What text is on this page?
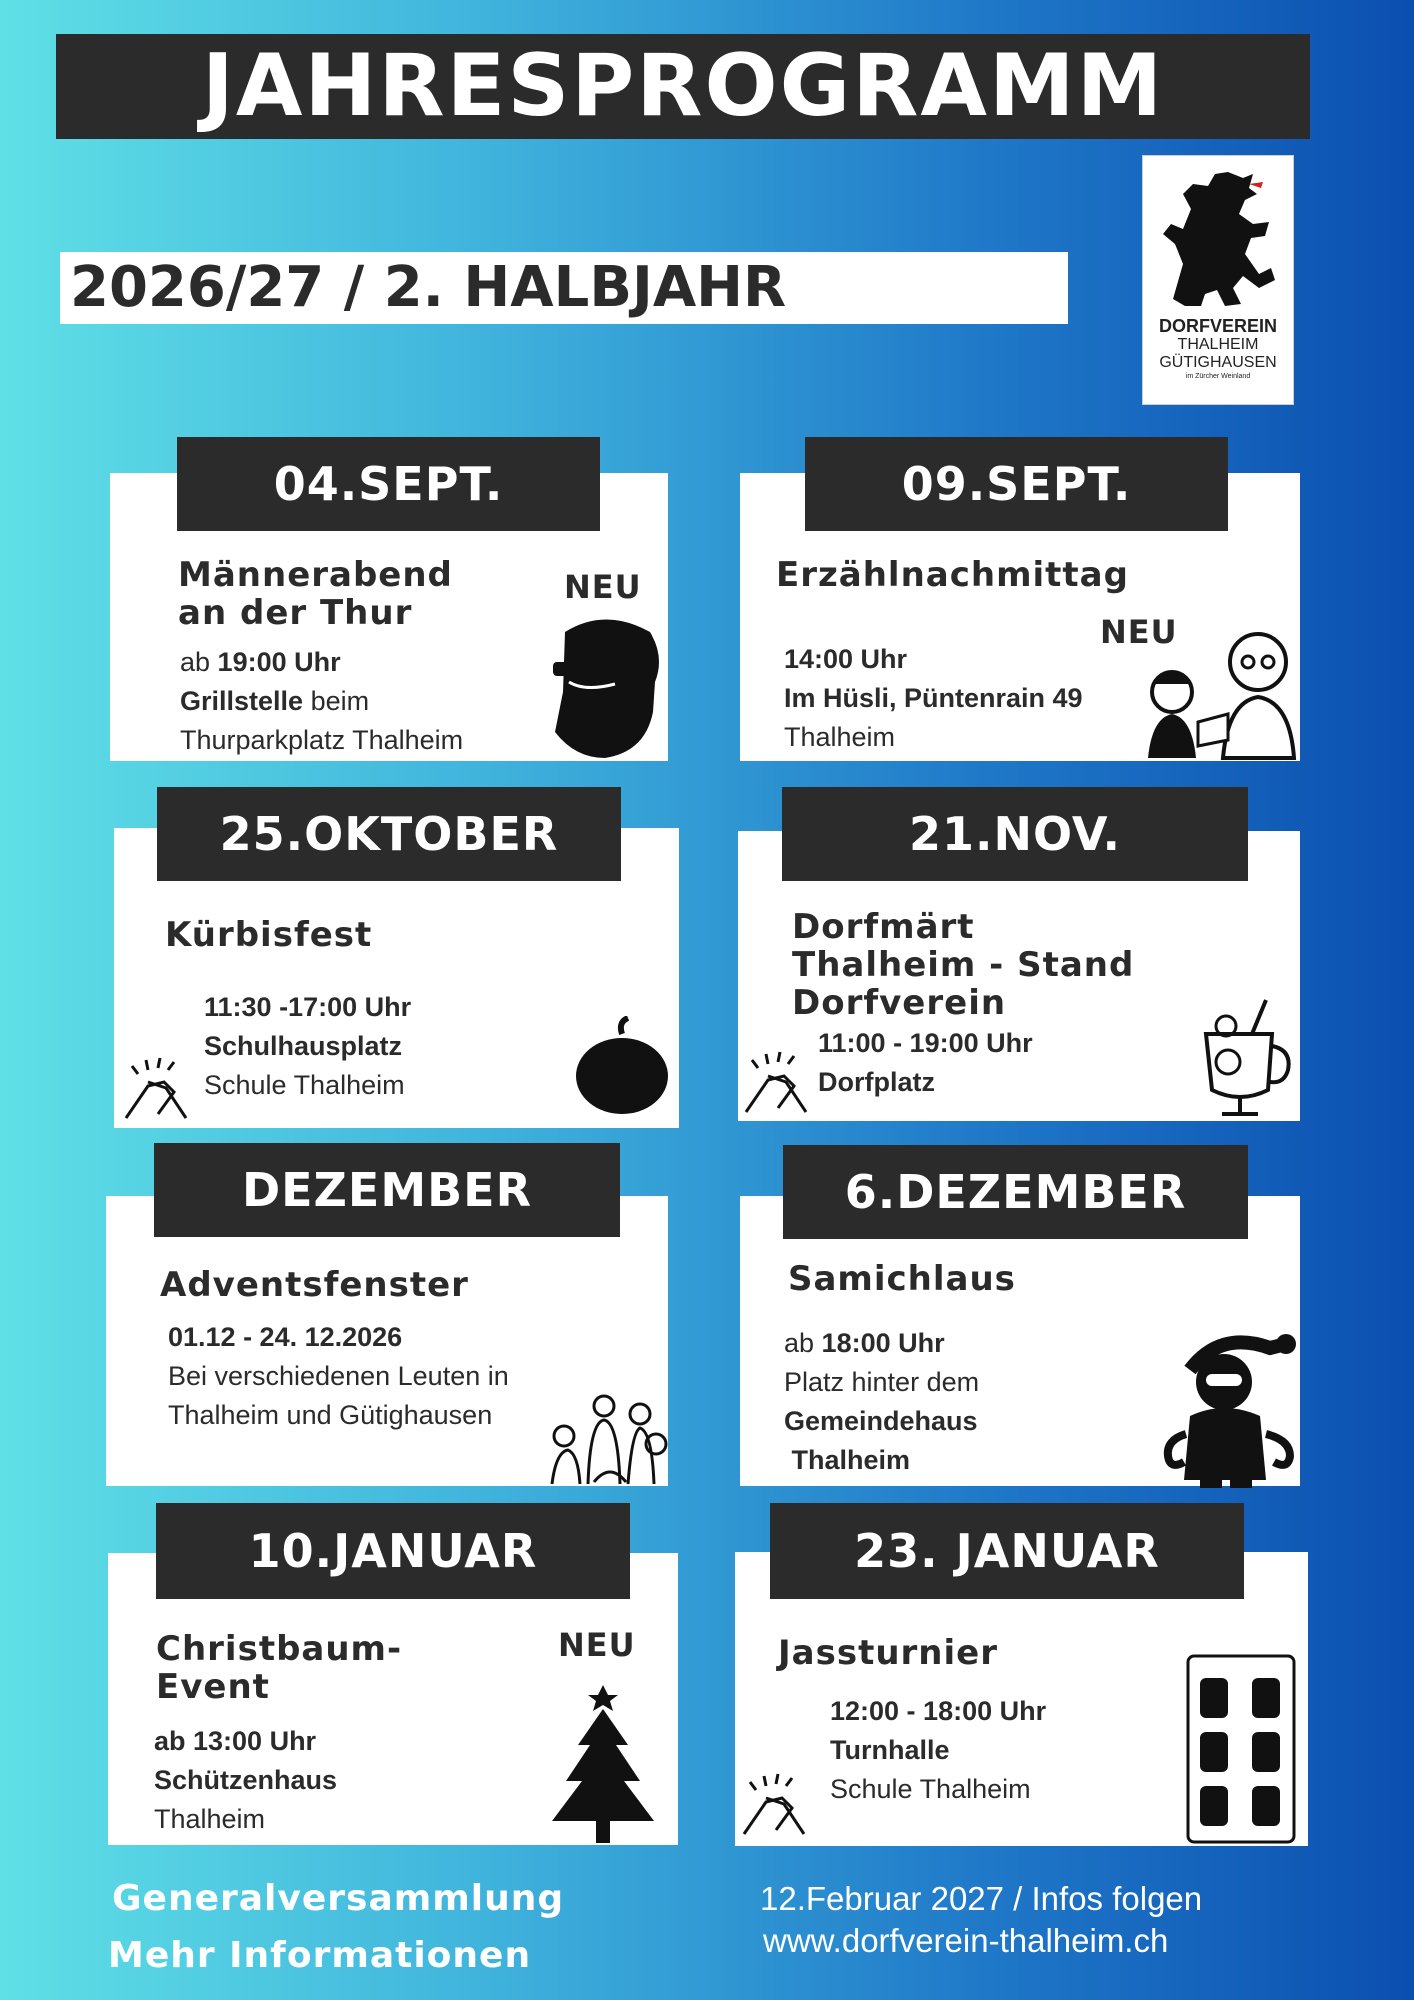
JAHRESPROGRAMM
2026/27 / 2. HALBJAHR
DORFVEREIN
THALHEIM
GÜTIGHAUSEN
im Zürcher Weinland
04.SEPT.
Männerabend
an der Thur
ab 19:00 Uhr
Grillstelle beim
Thurparkplatz Thalheim
NEU
09.SEPT.
Erzählnachmittag
14:00 Uhr
Im Hüsli, Püntenrain 49
Thalheim
NEU
25.OKTOBER
Kürbisfest
11:30 -17:00 Uhr
Schulhausplatz
Schule Thalheim
21.NOV.
Dorfmärt
Thalheim - Stand
Dorfverein
11:00 - 19:00 Uhr
Dorfplatz
DEZEMBER
Adventsfenster
01.12 - 24. 12.2026
Bei verschiedenen Leuten in
Thalheim und Gütighausen
6.DEZEMBER
Samichlaus
ab 18:00 Uhr
Platz hinter dem
Gemeindehaus
Thalheim
10.JANUAR
Christbaum-
Event
ab 13:00 Uhr
Schützenhaus
Thalheim
NEU
23. JANUAR
Jassturnier
12:00 - 18:00 Uhr
Turnhalle
Schule Thalheim
Generalversammlung
Mehr Informationen
12.Februar 2027 / Infos folgen
www.dorfverein-thalheim.ch
